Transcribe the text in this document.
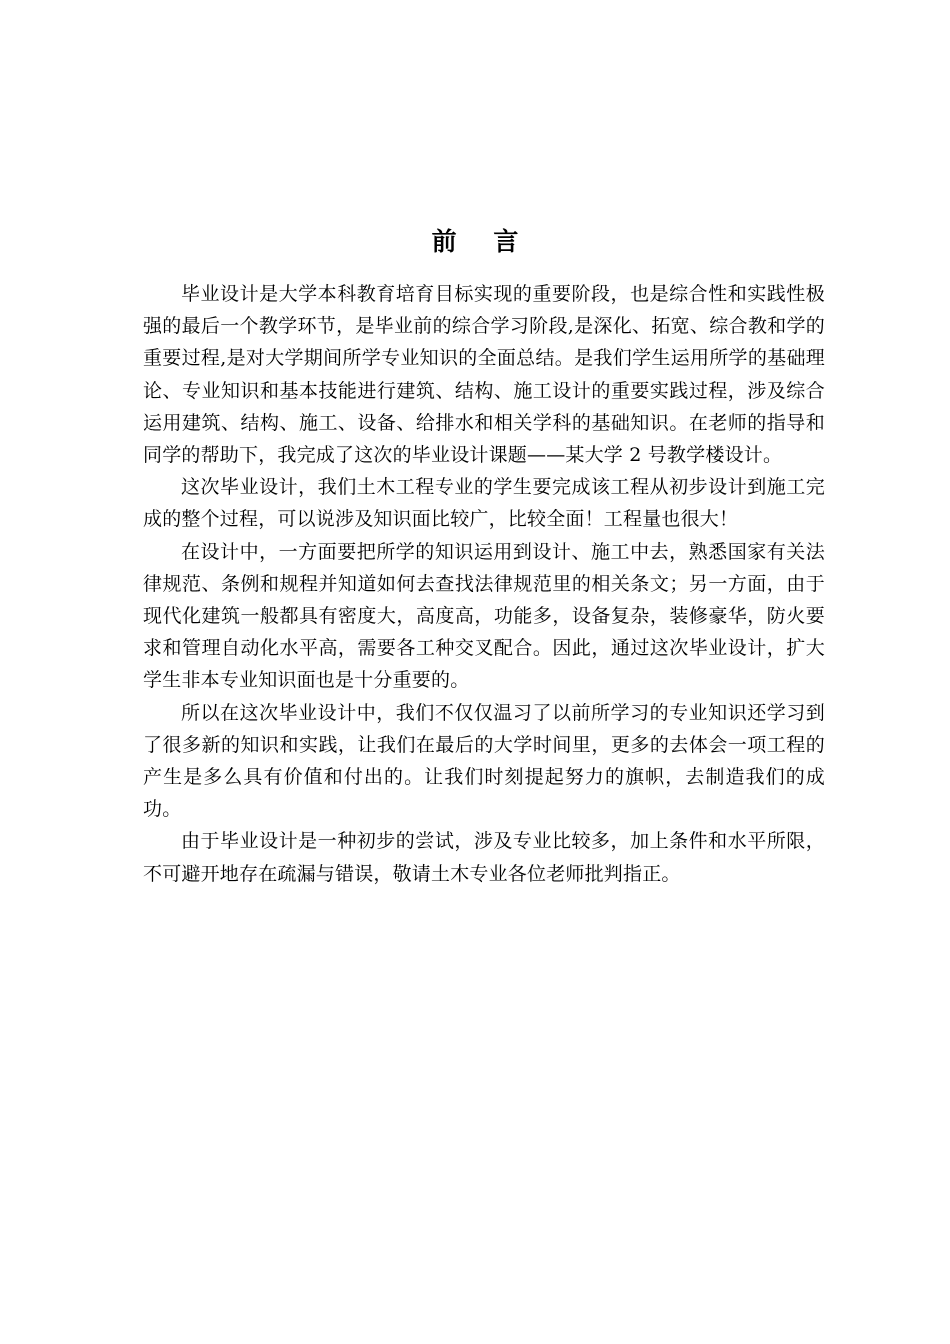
前 言

毕业设计是大学本科教育培育目标实现的重要阶段，也是综合性和实践性极强的最后一个教学环节，是毕业前的综合学习阶段,是深化、拓宽、综合教和学的重要过程,是对大学期间所学专业知识的全面总结。是我们学生运用所学的基础理论、专业知识和基本技能进行建筑、结构、施工设计的重要实践过程，涉及综合运用建筑、结构、施工、设备、给排水和相关学科的基础知识。在老师的指导和同学的帮助下，我完成了这次的毕业设计课题——某大学 2 号教学楼设计。

这次毕业设计，我们土木工程专业的学生要完成该工程从初步设计到施工完成的整个过程，可以说涉及知识面比较广，比较全面！工程量也很大！

在设计中，一方面要把所学的知识运用到设计、施工中去，熟悉国家有关法律规范、条例和规程并知道如何去查找法律规范里的相关条文；另一方面，由于现代化建筑一般都具有密度大，高度高，功能多，设备复杂，装修豪华，防火要求和管理自动化水平高，需要各工种交叉配合。因此，通过这次毕业设计，扩大学生非本专业知识面也是十分重要的。

所以在这次毕业设计中，我们不仅仅温习了以前所学习的专业知识还学习到了很多新的知识和实践，让我们在最后的大学时间里，更多的去体会一项工程的产生是多么具有价值和付出的。让我们时刻提起努力的旗帜，去制造我们的成功。

由于毕业设计是一种初步的尝试，涉及专业比较多，加上条件和水平所限，不可避开地存在疏漏与错误，敬请土木专业各位老师批判指正。
